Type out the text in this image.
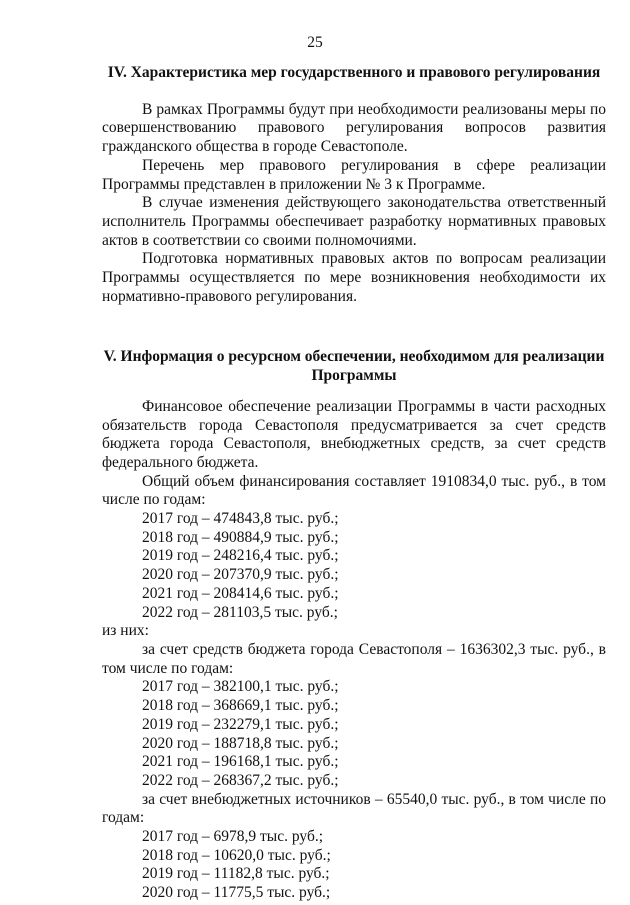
25

IV. Характеристика мер государственного и правового регулирования

В рамках Программы будут при необходимости реализованы меры по совершенствованию правового регулирования вопросов развития гражданского общества в городе Севастополе.

Перечень мер правового регулирования в сфере реализации Программы представлен в приложении № 3 к Программе.

В случае изменения действующего законодательства ответственный исполнитель Программы обеспечивает разработку нормативных правовых актов в соответствии со своими полномочиями.

Подготовка нормативных правовых актов по вопросам реализации Программы осуществляется по мере возникновения необходимости их нормативно-правового регулирования.

V. Информация о ресурсном обеспечении, необходимом для реализации Программы

Финансовое обеспечение реализации Программы в части расходных обязательств города Севастополя предусматривается за счет средств бюджета города Севастополя, внебюджетных средств, за счет средств федерального бюджета.

Общий объем финансирования составляет 1910834,0 тыс. руб., в том числе по годам:

2017 год – 474843,8 тыс. руб.;

2018 год – 490884,9 тыс. руб.;

2019 год – 248216,4 тыс. руб.;

2020 год – 207370,9 тыс. руб.;

2021 год – 208414,6 тыс. руб.;

2022 год – 281103,5 тыс. руб.;

из них:

за счет средств бюджета города Севастополя – 1636302,3 тыс. руб., в том числе по годам:

2017 год – 382100,1 тыс. руб.;

2018 год – 368669,1 тыс. руб.;

2019 год – 232279,1 тыс. руб.;

2020 год – 188718,8 тыс. руб.;

2021 год – 196168,1 тыс. руб.;

2022 год – 268367,2 тыс. руб.;

за счет внебюджетных источников – 65540,0 тыс. руб., в том числе по годам:

2017 год – 6978,9 тыс. руб.;

2018 год – 10620,0 тыс. руб.;

2019 год – 11182,8 тыс. руб.;

2020 год – 11775,5 тыс. руб.;
